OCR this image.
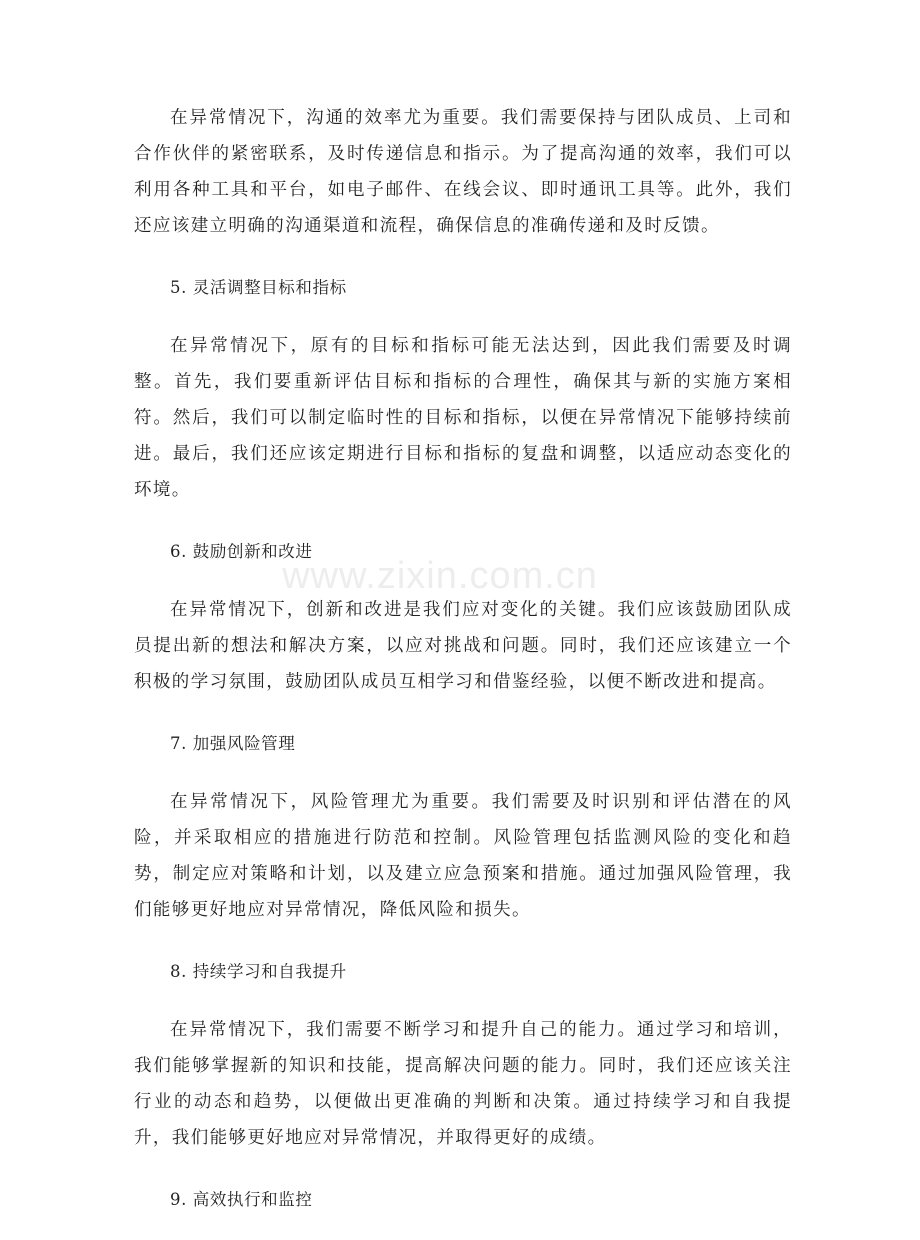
在异常情况下，沟通的效率尤为重要。我们需要保持与团队成员、上司和合作伙伴的紧密联系，及时传递信息和指示。为了提高沟通的效率，我们可以利用各种工具和平台，如电子邮件、在线会议、即时通讯工具等。此外，我们还应该建立明确的沟通渠道和流程，确保信息的准确传递和及时反馈。

5. 灵活调整目标和指标

在异常情况下，原有的目标和指标可能无法达到，因此我们需要及时调整。首先，我们要重新评估目标和指标的合理性，确保其与新的实施方案相符。然后，我们可以制定临时性的目标和指标，以便在异常情况下能够持续前进。最后，我们还应该定期进行目标和指标的复盘和调整，以适应动态变化的环境。

6. 鼓励创新和改进

在异常情况下，创新和改进是我们应对变化的关键。我们应该鼓励团队成员提出新的想法和解决方案，以应对挑战和问题。同时，我们还应该建立一个积极的学习氛围，鼓励团队成员互相学习和借鉴经验，以便不断改进和提高。

7. 加强风险管理

在异常情况下，风险管理尤为重要。我们需要及时识别和评估潜在的风险，并采取相应的措施进行防范和控制。风险管理包括监测风险的变化和趋势，制定应对策略和计划，以及建立应急预案和措施。通过加强风险管理，我们能够更好地应对异常情况，降低风险和损失。

8. 持续学习和自我提升

在异常情况下，我们需要不断学习和提升自己的能力。通过学习和培训，我们能够掌握新的知识和技能，提高解决问题的能力。同时，我们还应该关注行业的动态和趋势，以便做出更准确的判断和决策。通过持续学习和自我提升，我们能够更好地应对异常情况，并取得更好的成绩。

9. 高效执行和监控

www.zixin.com.cn
